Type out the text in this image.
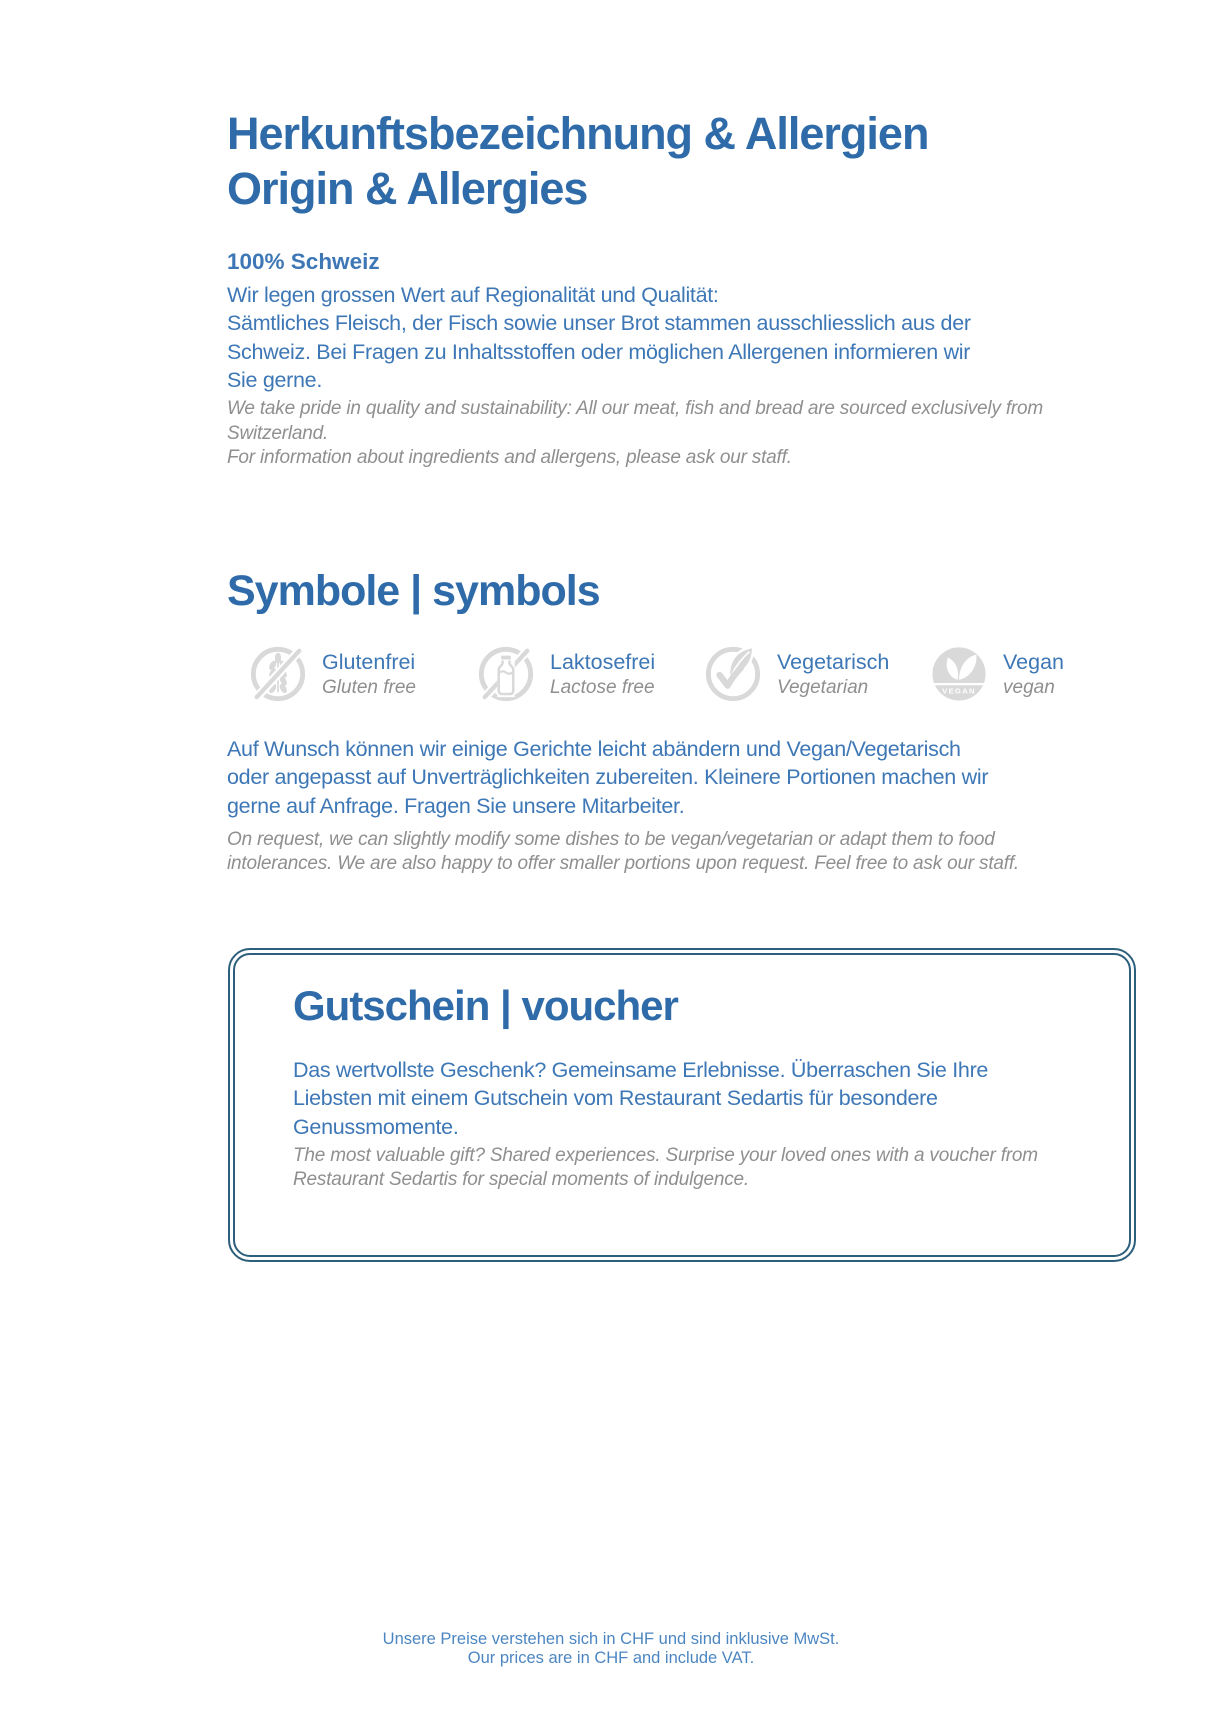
Herkunftsbezeichnung & Allergien
Origin & Allergies
100% Schweiz
Wir legen grossen Wert auf Regionalität und Qualität:
Sämtliches Fleisch, der Fisch sowie unser Brot stammen ausschliesslich aus der
Schweiz. Bei Fragen zu Inhaltsstoffen oder möglichen Allergenen informieren wir
Sie gerne.
We take pride in quality and sustainability: All our meat, fish and bread are sourced exclusively from
Switzerland.
For information about ingredients and allergens, please ask our staff.
Symbole | symbols
Glutenfrei
Gluten free
Laktosefrei
Lactose free
Vegetarisch
Vegetarian	VEGAN
Vegan
vegan
Auf Wunsch können wir einige Gerichte leicht abändern und Vegan/Vegetarisch
oder angepasst auf Unverträglichkeiten zubereiten. Kleinere Portionen machen wir
gerne auf Anfrage. Fragen Sie unsere Mitarbeiter.
On request, we can slightly modify some dishes to be vegan/vegetarian or adapt them to food
intolerances. We are also happy to offer smaller portions upon request. Feel free to ask our staff.
Gutschein | voucher
Das wertvollste Geschenk? Gemeinsame Erlebnisse. Überraschen Sie Ihre
Liebsten mit einem Gutschein vom Restaurant Sedartis für besondere
Genussmomente.
The most valuable gift? Shared experiences. Surprise your loved ones with a voucher from
Restaurant Sedartis for special moments of indulgence.
Unsere Preise verstehen sich in CHF und sind inklusive MwSt.
Our prices are in CHF and include VAT.
